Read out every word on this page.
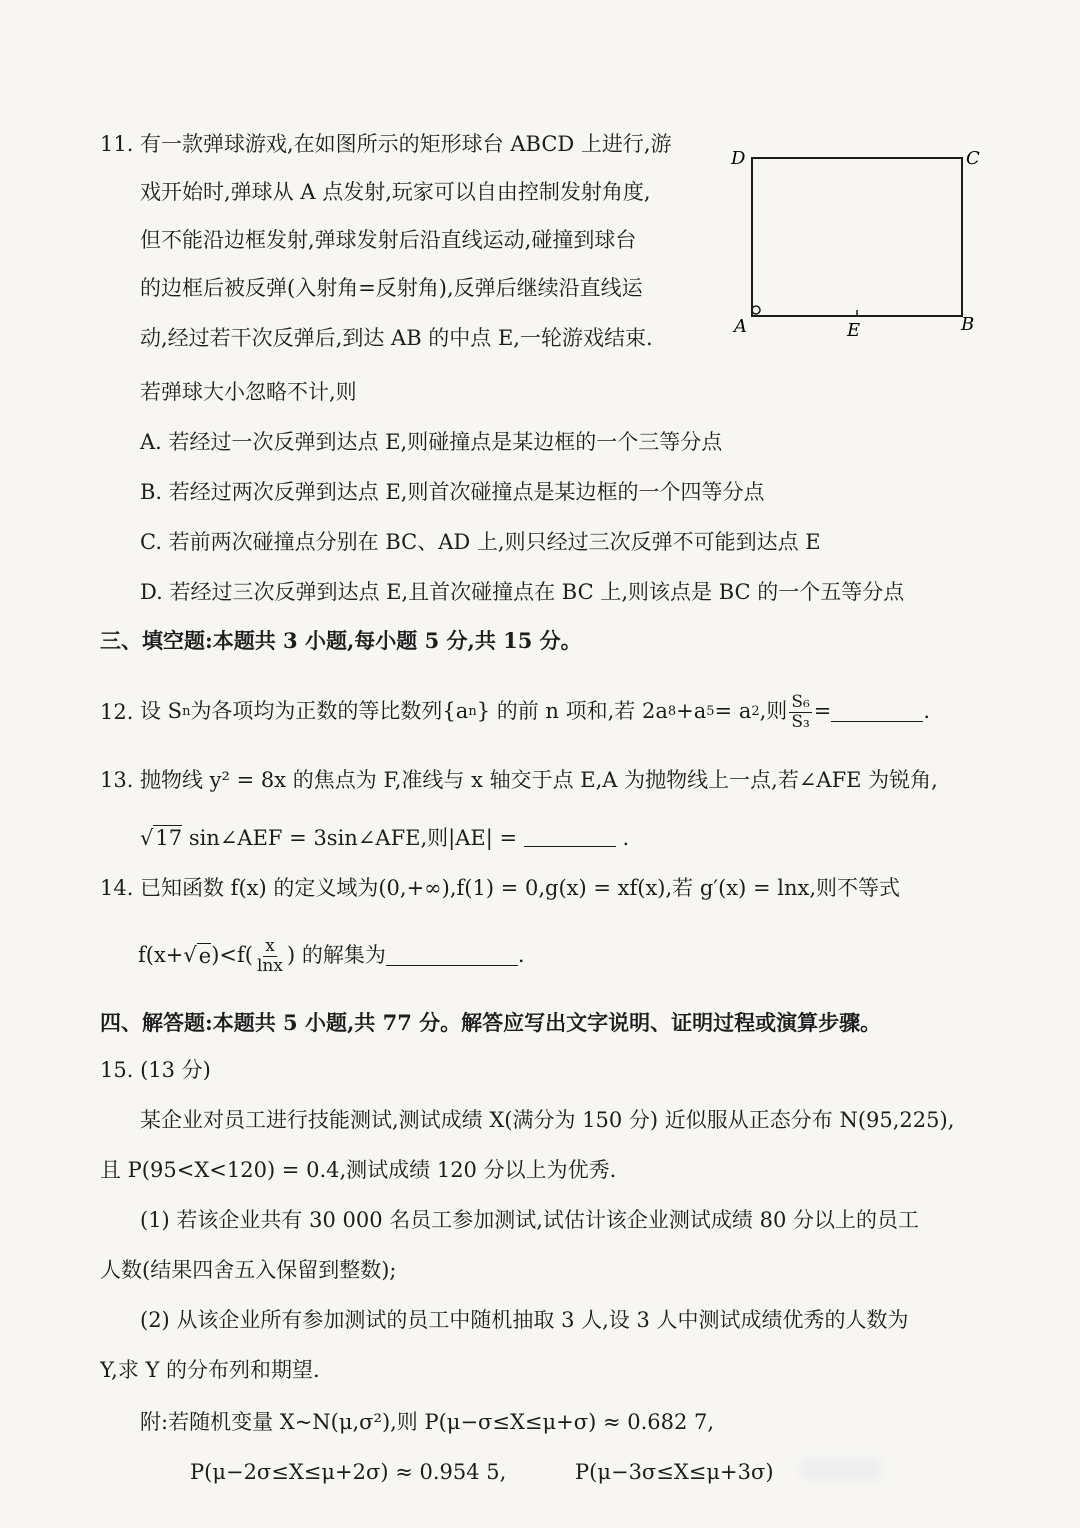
11. 有一款弹球游戏,在如图所示的矩形球台 ABCD 上进行,游
戏开始时,弹球从 A 点发射,玩家可以自由控制发射角度,
但不能沿边框发射,弹球发射后沿直线运动,碰撞到球台
的边框后被反弹(入射角=反射角),反弹后继续沿直线运
动,经过若干次反弹后,到达 AB 的中点 E,一轮游戏结束.
若弹球大小忽略不计,则
D	C
A	E	B
A. 若经过一次反弹到达点 E,则碰撞点是某边框的一个三等分点
B. 若经过两次反弹到达点 E,则首次碰撞点是某边框的一个四等分点
C. 若前两次碰撞点分别在 BC、AD 上,则只经过三次反弹不可能到达点 E
D. 若经过三次反弹到达点 E,且首次碰撞点在 BC 上,则该点是 BC 的一个五等分点
三、填空题:本题共 3 小题,每小题 5 分,共 15 分。
12. 设 S n 为各项均为正数的等比数列{a n } 的前 n 项和,若 2a 8 +a 5 = a 2 ,则 $\frac{\text{S₆}}{\text{S₃}}$ =	.
13. 抛物线 y² = 8x 的焦点为 F,准线与 x 轴交于点 E,A 为抛物线上一点,若∠AFE 为锐角,
√17 sin∠AEF = 3sin∠AFE,则|AE| =	.
14. 已知函数 f(x) 的定义域为(0,+∞),f(1) = 0,g(x) = xf(x),若 g′(x) = lnx,则不等式
f(x+ √ e )$<f( \frac{x}{\ln x}$ ) 的解集为	.
四、解答题:本题共 5 小题,共 77 分。解答应写出文字说明、证明过程或演算步骤。
15. (13 分)
某企业对员工进行技能测试,测试成绩 X(满分为 150 分) 近似服从正态分布 N(95,225),
且 P(95<X<120) = 0.4,测试成绩 120 分以上为优秀.
(1) 若该企业共有 30 000 名员工参加测试,试估计该企业测试成绩 80 分以上的员工
人数(结果四舍五入保留到整数);
(2) 从该企业所有参加测试的员工中随机抽取 3 人,设 3 人中测试成绩优秀的人数为
Y,求 Y 的分布列和期望.
附:若随机变量 X~N(μ,σ²),则 P(μ−σ≤X≤μ+σ) ≈ 0.682 7,
P(μ−2σ≤X≤μ+2σ) ≈ 0.954 5,	P(μ−3σ≤X≤μ+3σ)
